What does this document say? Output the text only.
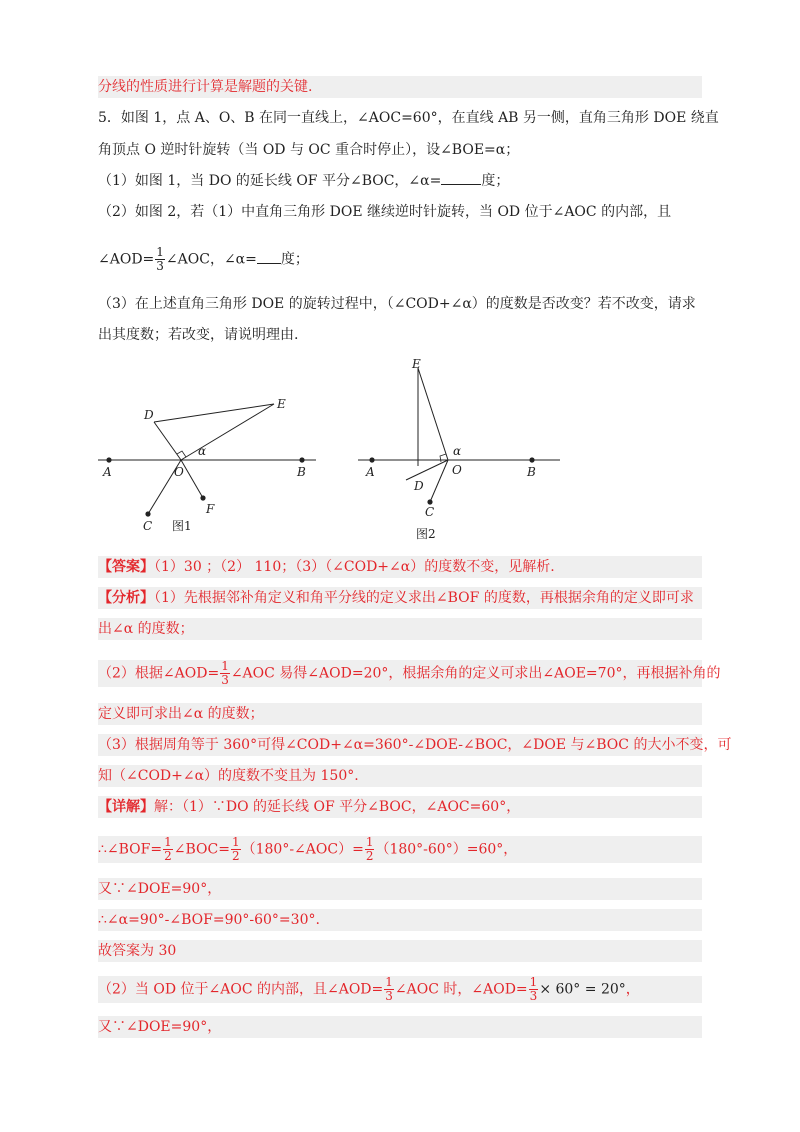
分线的性质进行计算是解题的关键.
5．如图 1，点 A、O、B 在同一直线上，∠AOC=60°，在直线 AB 另一侧，直角三角形 DOE 绕直
角顶点 O 逆时针旋转（当 OD 与 OC 重合时停止），设∠BOE=α；
（1）如图 1，当 DO 的延长线 OF 平分∠BOC，∠α=	度；
（2）如图 2，若（1）中直角三角形 DOE 继续逆时针旋转，当 OD 位于∠AOC 的内部，且
∠AOD= $\frac{1}{3}$ ∠AOC，∠α= 度；
（3）在上述直角三角形 DOE 的旋转过程中，（∠COD+∠α）的度数是否改变？若不改变，请求
出其度数；若改变，请说明理由.
A	O	B
D
E
F
C
α
图1
A	O	B
E
D
C
α
图2
【答案】（1）30 ；（2） 110；（3）（∠COD+∠α）的度数不变，见解析.
【分析】（1）先根据邻补角定义和角平分线的定义求出∠BOF 的度数，再根据余角的定义即可求
出∠α 的度数；
（2）根据∠AOD= $\frac{1}{3}$ ∠AOC 易得∠AOD=20°，根据余角的定义可求出∠AOE=70°，再根据补角的
定义即可求出∠α 的度数；
（3）根据周角等于 360°可得∠COD+∠α=360°-∠DOE-∠BOC，∠DOE 与∠BOC 的大小不变，可
知（∠COD+∠α）的度数不变且为 150°.
【详解】解：（1）∵DO 的延长线 OF 平分∠BOC，∠AOC=60°，
∴∠BOF= $\frac{1}{2}$ ∠BOC= $\frac{1}{2}$ （180°-∠AOC）= $\frac{1}{2} (180^\circ-60^\circ)=60^\circ$，
又∵∠DOE=90°，
∴∠α=90°-∠BOF=90°-60°=30°.
故答案为 30
（2）当 OD 位于∠AOC 的内部，且∠AOD= $\frac{1}{3}$ ∠AOC 时，∠AOD= $\frac{1}{3} \times 60^\circ = 20^\circ$，
又∵∠DOE=90°，
